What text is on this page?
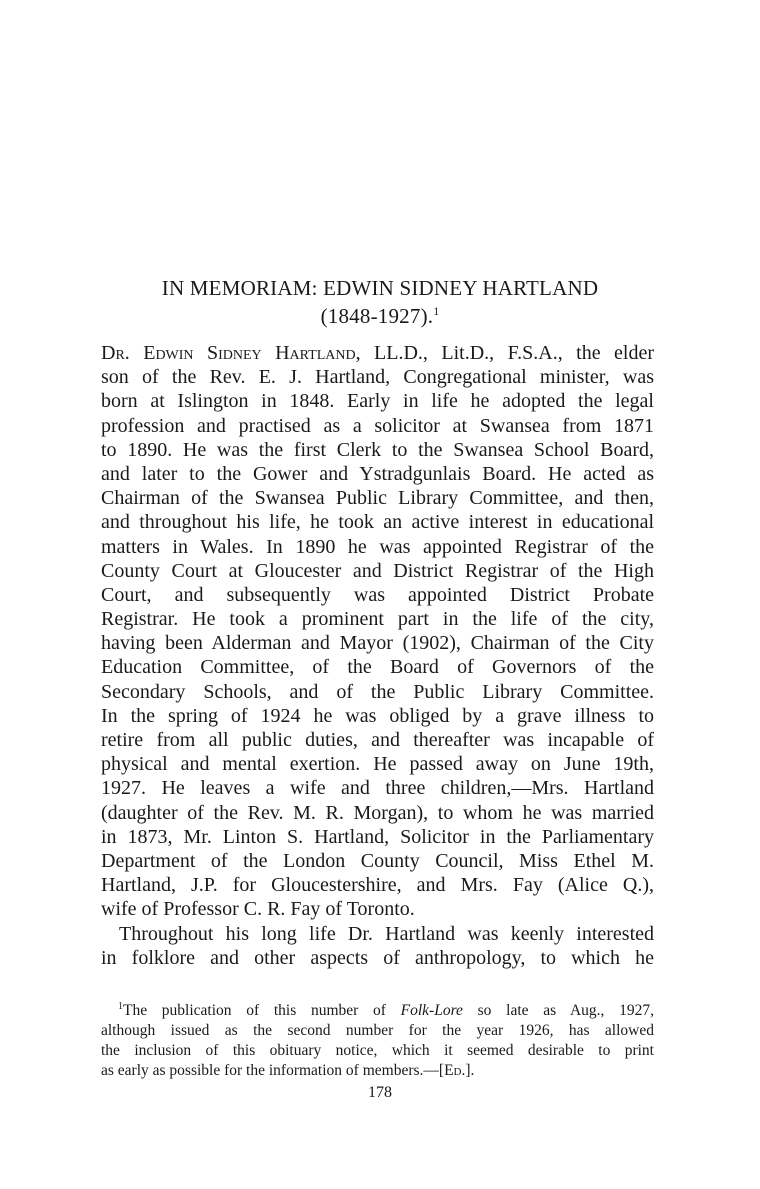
IN MEMORIAM: EDWIN SIDNEY HARTLAND
(1848-1927).$^1$
Dr. Edwin Sidney Hartland, LL.D., Lit.D., F.S.A., the elder
son of the Rev. E. J. Hartland, Congregational minister, was
born at Islington in 1848. Early in life he adopted the legal
profession and practised as a solicitor at Swansea from 1871
to 1890. He was the first Clerk to the Swansea School Board,
and later to the Gower and Ystradgunlais Board. He acted as
Chairman of the Swansea Public Library Committee, and then,
and throughout his life, he took an active interest in educational
matters in Wales. In 1890 he was appointed Registrar of the
County Court at Gloucester and District Registrar of the High
Court, and subsequently was appointed District Probate
Registrar. He took a prominent part in the life of the city,
having been Alderman and Mayor (1902), Chairman of the City
Education Committee, of the Board of Governors of the
Secondary Schools, and of the Public Library Committee.
In the spring of 1924 he was obliged by a grave illness to
retire from all public duties, and thereafter was incapable of
physical and mental exertion. He passed away on June 19th,
1927. He leaves a wife and three children,—Mrs. Hartland
(daughter of the Rev. M. R. Morgan), to whom he was married
in 1873, Mr. Linton S. Hartland, Solicitor in the Parliamentary
Department of the London County Council, Miss Ethel M.
Hartland, J.P. for Gloucestershire, and Mrs. Fay (Alice Q.),
wife of Professor C. R. Fay of Toronto.
Throughout his long life Dr. Hartland was keenly interested
in folklore and other aspects of anthropology, to which he
$^1$The publication of this number of Folk-Lore so late as Aug., 1927,
although issued as the second number for the year 1926, has allowed
the inclusion of this obituary notice, which it seemed desirable to print
as early as possible for the information of members.—[Ed.].
178
